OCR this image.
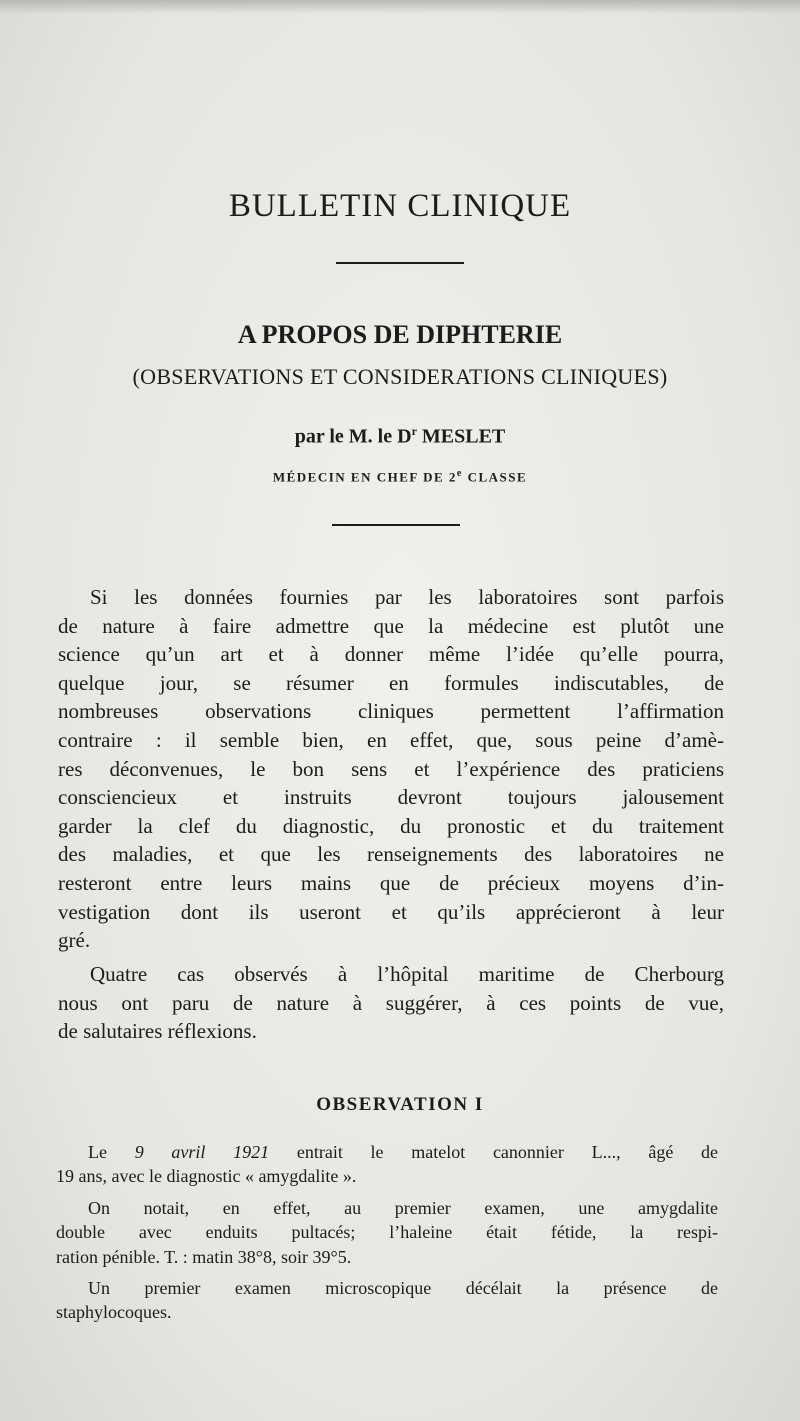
BULLETIN CLINIQUE
A PROPOS DE DIPHTERIE
(OBSERVATIONS ET CONSIDERATIONS CLINIQUES)
par le M. le $D^r$ MESLET
MÉDECIN EN CHEF DE 2e CLASSE
Si les données fournies par les laboratoires sont parfois
de nature à faire admettre que la médecine est plutôt une
science qu’un art et à donner même l’idée qu’elle pourra,
quelque jour, se résumer en formules indiscutables, de
nombreuses observations cliniques permettent l’affirmation
contraire : il semble bien, en effet, que, sous peine d’amè-
res déconvenues, le bon sens et l’expérience des praticiens
consciencieux et instruits devront toujours jalousement
garder la clef du diagnostic, du pronostic et du traitement
des maladies, et que les renseignements des laboratoires ne
resteront entre leurs mains que de précieux moyens d’in-
vestigation dont ils useront et qu’ils apprécieront à leur
gré.
Quatre cas observés à l’hôpital maritime de Cherbourg
nous ont paru de nature à suggérer, à ces points de vue,
de salutaires réflexions.
OBSERVATION I
Le 9 avril 1921 entrait le matelot canonnier L..., âgé de
19 ans, avec le diagnostic « amygdalite ».
On notait, en effet, au premier examen, une amygdalite
double avec enduits pultacés; l’haleine était fétide, la respi-
ration pénible. T. : matin 38°8, soir 39°5.
Un premier examen microscopique décélait la présence de
staphylocoques.
